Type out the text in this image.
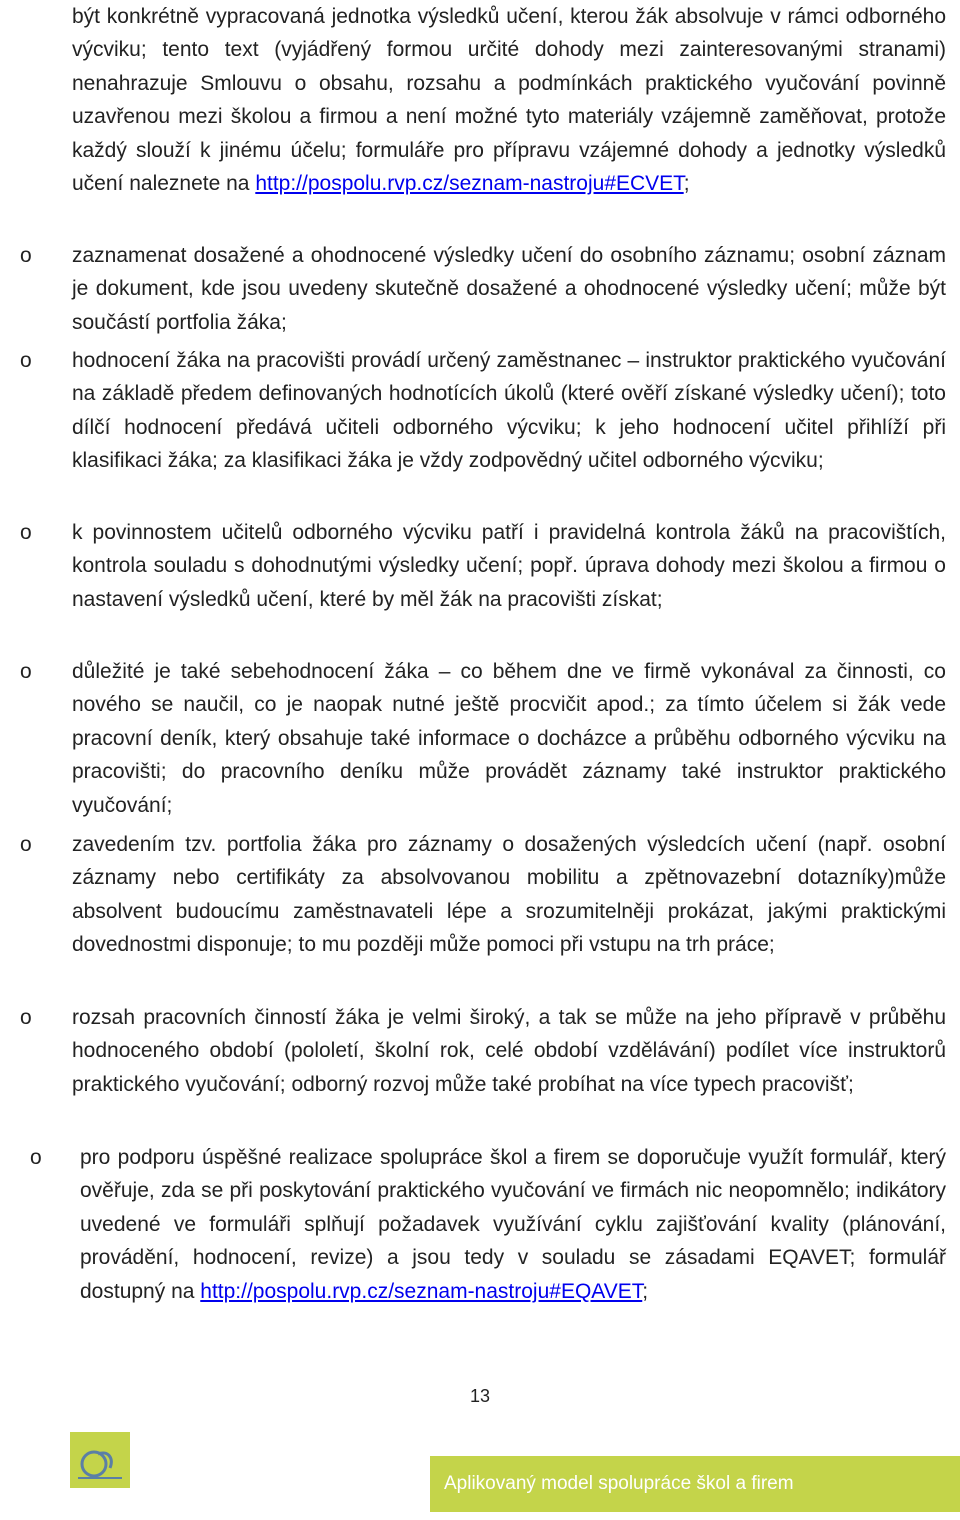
být konkrétně vypracovaná jednotka výsledků učení, kterou žák absolvuje v rámci odborného výcviku; tento text (vyjádřený formou určité dohody mezi zainteresovanými stranami) nenahrazuje Smlouvu o obsahu, rozsahu a podmínkách praktického vyučování povinně uzavřenou mezi školou a firmou a není možné tyto materiály vzájemně zaměňovat, protože každý slouží k jinému účelu; formuláře pro přípravu vzájemné dohody a jednotky výsledků učení naleznete na http://pospolu.rvp.cz/seznam-nastroju#ECVET;

o zaznamenat dosažené a ohodnocené výsledky učení do osobního záznamu; osobní záznam je dokument, kde jsou uvedeny skutečně dosažené a ohodnocené výsledky učení; může být součástí portfolia žáka;

o hodnocení žáka na pracovišti provádí určený zaměstnanec – instruktor praktického vyučování na základě předem definovaných hodnotících úkolů (které ověří získané výsledky učení); toto dílčí hodnocení předává učiteli odborného výcviku; k jeho hodnocení učitel přihlíží při klasifikaci žáka; za klasifikaci žáka je vždy zodpovědný učitel odborného výcviku;

o k povinnostem učitelů odborného výcviku patří i pravidelná kontrola žáků na pracovištích, kontrola souladu s dohodnutými výsledky učení; popř. úprava dohody mezi školou a firmou o nastavení výsledků učení, které by měl žák na pracovišti získat;

o důležité je také sebehodnocení žáka – co během dne ve firmě vykonával za činnosti, co nového se naučil, co je naopak nutné ještě procvičit apod.; za tímto účelem si žák vede pracovní deník, který obsahuje také informace o docházce a průběhu odborného výcviku na pracovišti; do pracovního deníku může provádět záznamy také instruktor praktického vyučování;

o zavedením tzv. portfolia žáka pro záznamy o dosažených výsledcích učení (např. osobní záznamy nebo certifikáty za absolvovanou mobilitu a zpětnovazební dotazníky)může absolvent budoucímu zaměstnavateli lépe a srozumitelněji prokázat, jakými praktickými dovednostmi disponuje; to mu později může pomoci při vstupu na trh práce;

o rozsah pracovních činností žáka je velmi široký, a tak se může na jeho přípravě v průběhu hodnoceného období (pololetí, školní rok, celé období vzdělávání) podílet více instruktorů praktického vyučování; odborný rozvoj může také probíhat na více typech pracovišť;

o pro podporu úspěšné realizace spolupráce škol a firem se doporučuje využít formulář, který ověřuje, zda se při poskytování praktického vyučování ve firmách nic neopomnělo; indikátory uvedené ve formuláři splňují požadavek využívání cyklu zajišťování kvality (plánování, provádění, hodnocení, revize) a jsou tedy v souladu se zásadami EQAVET; formulář dostupný na http://pospolu.rvp.cz/seznam-nastroju#EQAVET;

13
Aplikovaný model spolupráce škol a firem
